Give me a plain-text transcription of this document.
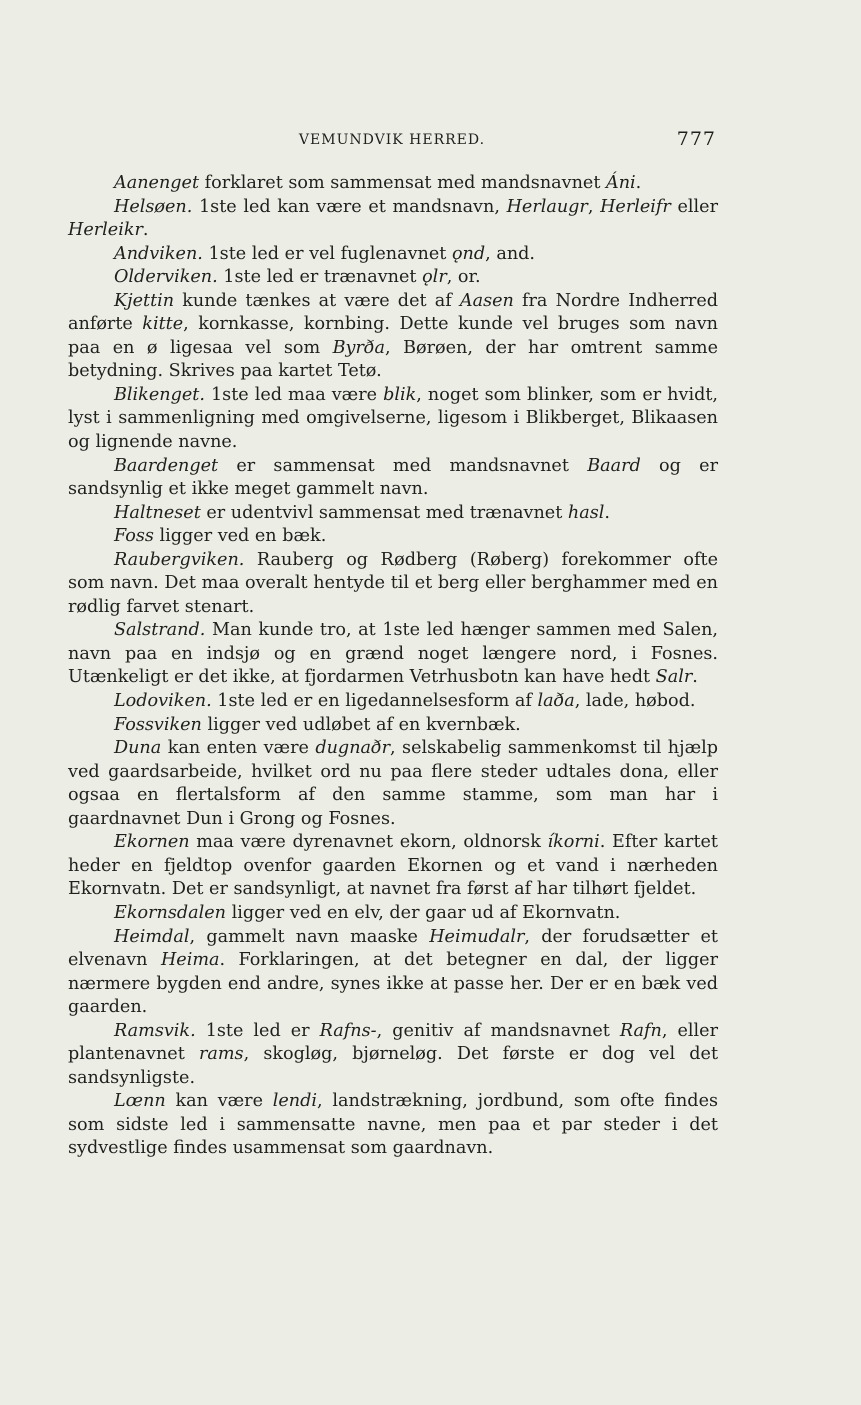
VEMUNDVIK HERRED.	777

Aanenget forklaret som sammensat med mandsnavnet Áni.

Helsøen. 1ste led kan være et mandsnavn, Herlaugr, Herleifr eller Herleikr.

Andviken. 1ste led er vel fuglenavnet ǫnd, and.

Olderviken. 1ste led er trænavnet ǫlr, or.

Kjettin kunde tænkes at være det af Aasen fra Nordre Indherred anførte kitte, kornkasse, kornbing. Dette kunde vel bruges som navn paa en ø ligesaa vel som Byrða, Børøen, der har omtrent samme betydning. Skrives paa kartet Tetø.

Blikenget. 1ste led maa være blik, noget som blinker, som er hvidt, lyst i sammenligning med omgivelserne, ligesom i Blikberget, Blikaasen og lignende navne.

Baardenget er sammensat med mandsnavnet Baard og er sandsynlig et ikke meget gammelt navn.

Haltneset er udentvivl sammensat med trænavnet hasl.

Foss ligger ved en bæk.

Raubergviken. Rauberg og Rødberg (Røberg) forekommer ofte som navn. Det maa overalt hentyde til et berg eller berghammer med en rødlig farvet stenart.

Salstrand. Man kunde tro, at 1ste led hænger sammen med Salen, navn paa en indsjø og en grænd noget længere nord, i Fosnes. Utænkeligt er det ikke, at fjordarmen Vetrhusbotn kan have hedt Salr.

Lodoviken. 1ste led er en ligedannelsesform af laða, lade, høbod.

Fossviken ligger ved udløbet af en kvernbæk.

Duna kan enten være dugnaðr, selskabelig sammenkomst til hjælp ved gaardsarbeide, hvilket ord nu paa flere steder udtales dona, eller ogsaa en flertalsform af den samme stamme, som man har i gaardnavnet Dun i Grong og Fosnes.

Ekornen maa være dyrenavnet ekorn, oldnorsk íkorni. Efter kartet heder en fjeldtop ovenfor gaarden Ekornen og et vand i nærheden Ekornvatn. Det er sandsynligt, at navnet fra først af har tilhørt fjeldet.

Ekornsdalen ligger ved en elv, der gaar ud af Ekornvatn.

Heimdal, gammelt navn maaske Heimudalr, der forudsætter et elvenavn Heima. Forklaringen, at det betegner en dal, der ligger nærmere bygden end andre, synes ikke at passe her. Der er en bæk ved gaarden.

Ramsvik. 1ste led er Rafns-, genitiv af mandsnavnet Rafn, eller plantenavnet rams, skogløg, bjørneløg. Det første er dog vel det sandsynligste.

Lœnn kan være lendi, landstrækning, jordbund, som ofte findes som sidste led i sammensatte navne, men paa et par steder i det sydvestlige findes usammensat som gaardnavn.
